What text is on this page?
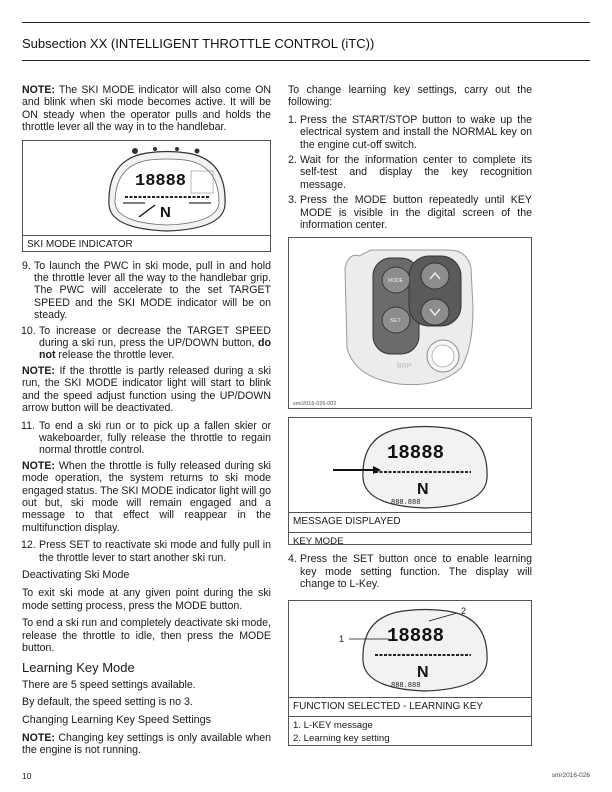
Subsection XX (INTELLIGENT THROTTLE CONTROL (iTC))

NOTE: The SKI MODE indicator will also come ON and blink when ski mode becomes active. It will be ON steady when the operator pulls and holds the throttle lever all the way in to the handlebar.

18888
N
SKI MODE INDICATOR
9. To launch the PWC in ski mode, pull in and hold the throttle lever all the way to the handlebar grip. The PWC will accelerate to the set TARGET SPEED and the SKI MODE indicator will be on steady.
10. To increase or decrease the TARGET SPEED during a ski run, press the UP/DOWN button, do not release the throttle lever.

NOTE: If the throttle is partly released during a ski run, the SKI MODE indicator light will start to blink and the speed adjust function using the UP/DOWN arrow button will be deactivated.

11. To end a ski run or to pick up a fallen skier or wakeboarder, fully release the throttle to regain normal throttle control.

NOTE: When the throttle is fully released during ski mode operation, the system returns to ski mode engaged status. The SKI MODE indicator light will go out but, ski mode will remain engaged and a message to that effect will reappear in the multifunction display.

12. Press SET to reactivate ski mode and fully pull in the throttle lever to start another ski run.
Deactivating Ski Mode

To exit ski mode at any given point during the ski mode setting process, press the MODE button.

To end a ski run and completely deactivate ski mode, release the throttle to idle, then press the MODE button.

Learning Key Mode

There are 5 speed settings available.

By default, the speed setting is no 3.

Changing Learning Key Speed Settings

NOTE: Changing key settings is only available when the engine is not running.

To change learning key settings, carry out the following:

1. Press the START/STOP button to wake up the electrical system and install the NORMAL key on the engine cut-off switch.
2. Wait for the information center to complete its self-test and display the key recognition message.
3. Press the MODE button repeatedly until KEY MODE is visible in the digital screen of the information center.
MODE
SET
BRP
smr2016-026-002
18888
N
888.888
MESSAGE DISPLAYED
KEY MODE
4. Press the SET button once to enable learning key mode setting function. The display will change to L-Key.
18888
N
888.888
1
2
FUNCTION SELECTED - LEARNING KEY
1. L-KEY message
2. Learning key setting
10	smr2016-026
